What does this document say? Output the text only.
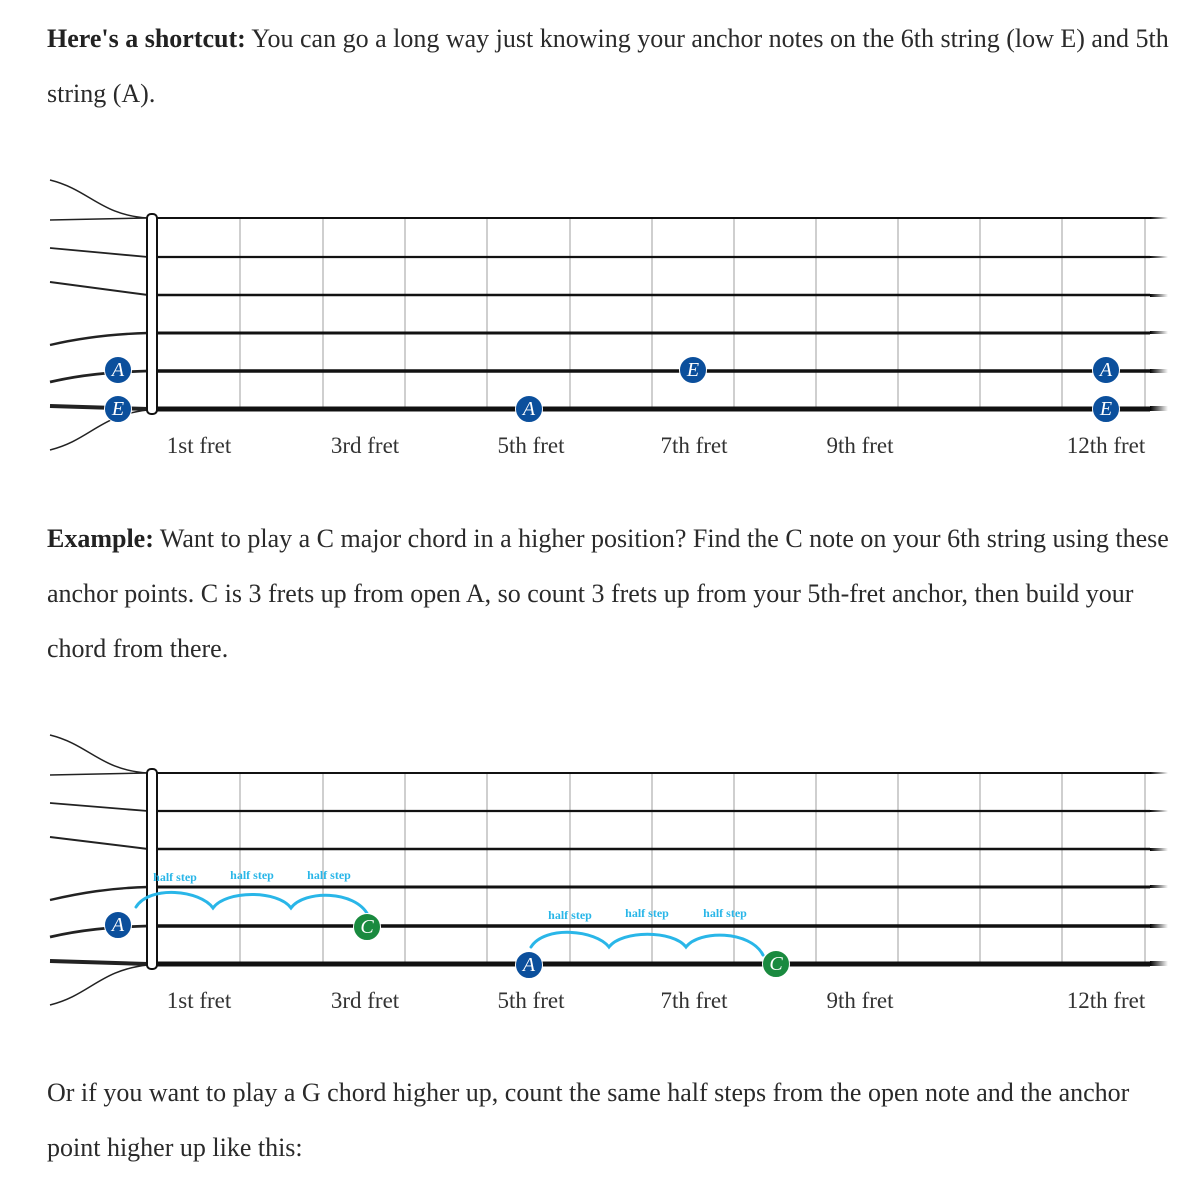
Here's a shortcut: You can go a long way just knowing your anchor notes on the 6th string (low E) and 5th string (A).

A
E	A
E	A
E
1st fret	3rd fret	5th fret	7th fret	9th fret	12th fret

Example: Want to play a C major chord in a higher position? Find the C note on your 6th string using these anchor points. C is 3 frets up from open A, so count 3 frets up from your 5th-fret anchor, then build your chord from there.

half step	half step	half step
half step	half step	half step
A	C
A	C
1st fret	3rd fret	5th fret	7th fret	9th fret	12th fret

Or if you want to play a G chord higher up, count the same half steps from the open note and the anchor point higher up like this:
